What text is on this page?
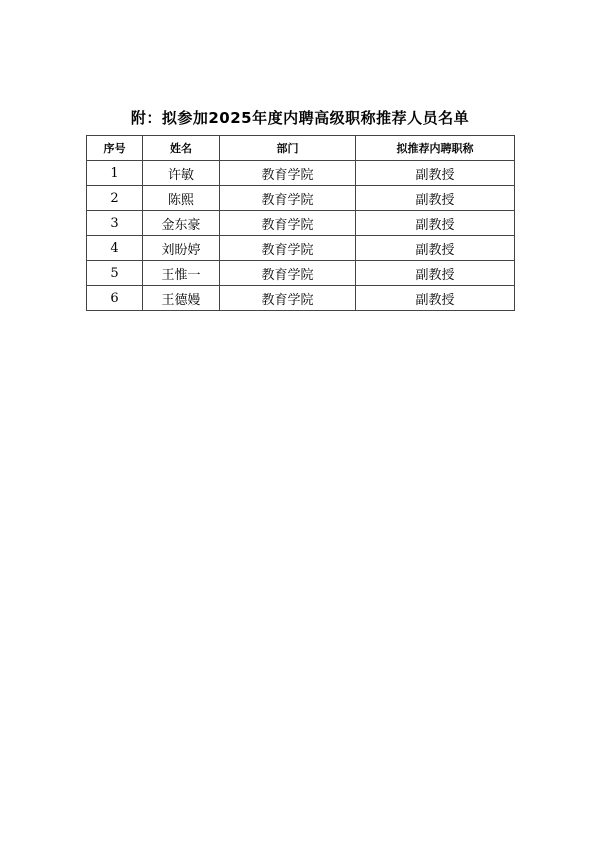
附：拟参加2025年度内聘高级职称推荐人员名单
序号	姓名	部门	拟推荐内聘职称
1	许敏	教育学院	副教授
2	陈熙	教育学院	副教授
3	金东豪	教育学院	副教授
4	刘盼婷	教育学院	副教授
5	王惟一	教育学院	副教授
6	王德嫚	教育学院	副教授
